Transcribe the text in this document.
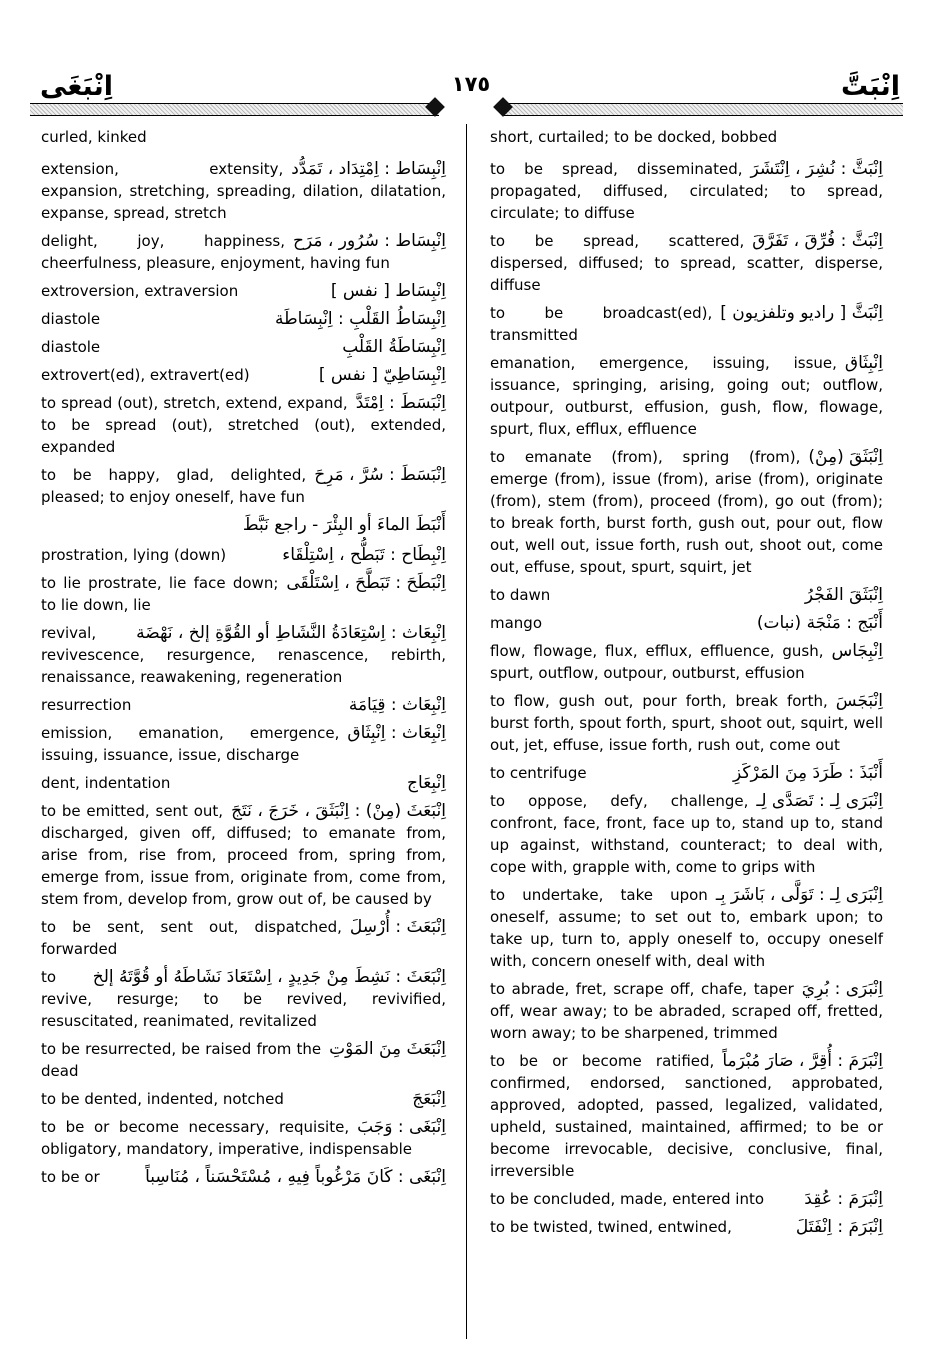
اِنْبَغَى	١٧٥	اِنْبَتَّ
curled, kinked
اِنْبِسَاط : اِمْتِدَاد ، تَمَدُّد
extension, extensity, expansion, stretching, spreading, dilation, dilatation, expanse, spread, stretch
اِنْبِسَاط : سُرُور ، مَرَح
delight, joy, happiness, cheerfulness, pleasure, enjoyment, having fun
اِنْبِسَاط [ نفس ]
extroversion, extraversion
اِنْبِسَاطُ القَلْبِ : اِنْبِسَاطَة
diastole
اِنْبِسَاطَةُ القَلْبِ
diastole
اِنْبِسَاطِيّ [ نفس ]
extrovert(ed), extravert(ed)
اِنْبَسَطَ : اِمْتَدَّ
to spread (out), stretch, extend, expand, to be spread (out), stretched (out), extended, expanded
اِنْبَسَطَ : سُرَّ ، مَرِحَ
to be happy, glad, delighted, pleased; to enjoy oneself, have fun
أَنْبَطَ الماءَ أو البِئْرَ - راجع نَبَّطَ
اِنْبِطَاح : تَبَطُّح ، اِسْتِلْقَاء
prostration, lying (down)
اِنْبَطَحَ : تَبَطَّحَ ، اِسْتَلْقَى
to lie prostrate, lie face down; to lie down, lie
اِنْبِعَاث : اِسْتِعَادَةُ النَّشَاطِ أو القُوَّةِ إلخ ، نَهْضَة
revival, revivescence, resurgence, renascence, rebirth, renaissance, reawakening, regeneration
اِنْبِعَاث : قِيَامَة
resurrection
اِنْبِعَاث : اِنْبِثَاق
emission, emanation, emergence, issuing, issuance, issue, discharge
اِنْبِعَاج
dent, indentation
اِنْبَعَثَ (مِنْ) : اِنْبَثَقَ ، خَرَجَ ، نَتَجَ
to be emitted, sent out, discharged, given off, diffused; to emanate from, arise from, rise from, proceed from, spring from, emerge from, issue from, originate from, come from, stem from, develop from, grow out of, be caused by
اِنْبَعَثَ : أُرْسِلَ
to be sent, sent out, dispatched, forwarded
اِنْبَعَثَ : نَشِطَ مِنْ جَدِيدٍ ، اِسْتَعَادَ نَشَاطَهُ أو قُوَّتَهُ إلخ
to revive, resurge; to be revived, revivified, resuscitated, reanimated, revitalized
اِنْبَعَثَ مِنَ المَوْتِ
to be resurrected, be raised from the dead
اِنْبَعَجَ
to be dented, indented, notched
اِنْبَغَى : وَجَبَ
to be or become necessary, requisite, obligatory, mandatory, imperative, indispensable
اِنْبَغَى : كَانَ مَرْغُوباً فِيهِ ، مُسْتَحْسَناً ، مُنَاسِباً
to be or
short, curtailed; to be docked, bobbed
اِنْبَثَّ : نُشِرَ ، اِنْتَشَرَ
to be spread, disseminated, propagated, diffused, circulated; to spread, circulate; to diffuse
اِنْبَثَّ : فُرِّقَ ، تَفَرَّقَ
to be spread, scattered, dispersed, diffused; to spread, scatter, disperse, diffuse
اِنْبَثَّ [ راديو وتلفزيون ]
to be broadcast(ed), transmitted
اِنْبِثَاق
emanation, emergence, issuing, issue, issuance, springing, arising, going out; outflow, outpour, outburst, effusion, gush, flow, flowage, spurt, flux, efflux, effluence
اِنْبَثَقَ (مِنْ)
to emanate (from), spring (from), emerge (from), issue (from), arise (from), originate (from), stem (from), proceed (from), go out (from); to break forth, burst forth, gush out, pour out, flow out, well out, issue forth, rush out, shoot out, come out, effuse, spout, spurt, squirt, jet
اِنْبَثَقَ الفَجْرُ
to dawn
أَنْبَج : مَنْجَة (نبات)
mango
اِنْبِجَاس
flow, flowage, flux, efflux, effluence, gush, spurt, outflow, outpour, outburst, effusion
اِنْبَجَسَ
to flow, gush out, pour forth, break forth, burst forth, spout forth, spurt, shoot out, squirt, well out, jet, effuse, issue forth, rush out, come out
أَنْبَذَ : طَرَدَ مِنَ المَرْكَزِ
to centrifuge
اِنْبَرَى لِـ : تَصَدَّى لِـ
to oppose, defy, challenge, confront, face, front, face up to, stand up to, stand up against, withstand, counteract; to deal with, cope with, grapple with, come to grips with
اِنْبَرَى لِـ : تَوَلَّى ، بَاشَرَ بِـ
to undertake, take upon oneself, assume; to set out to, embark upon; to take up, turn to, apply oneself to, occupy oneself with, concern oneself with, deal with
اِنْبَرَى : بُرِيَ
to abrade, fret, scrape off, chafe, taper off, wear away; to be abraded, scraped off, fretted, worn away; to be sharpened, trimmed
اِنْبَرَمَ : أُقِرَّ ، صَارَ مُبْرَماً
to be or become ratified, confirmed, endorsed, sanctioned, approbated, approved, adopted, passed, legalized, validated, upheld, sustained, maintained, affirmed; to be or become irrevocable, decisive, conclusive, final, irreversible
اِنْبَرَمَ : عُقِدَ
to be concluded, made, entered into
اِنْبَرَمَ : اِنْفَتَلَ
to be twisted, twined, entwined,
